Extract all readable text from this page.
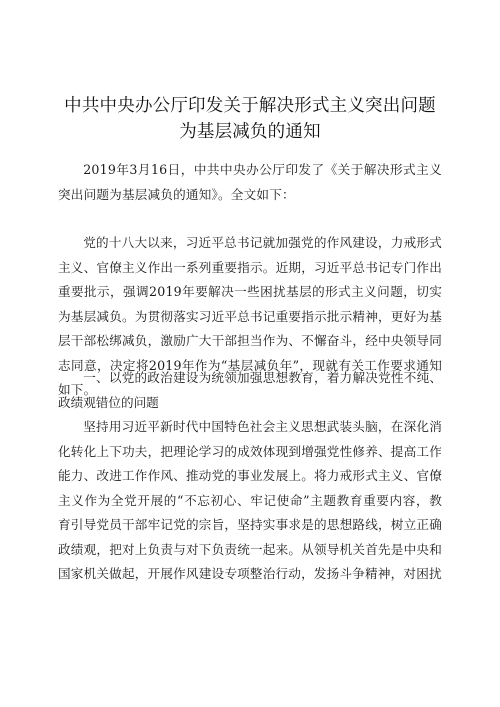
中共中央办公厅印发关于解决形式主义突出问题
为基层减负的通知

2019年3月16日，中共中央办公厅印发了《关于解决形式主义突出问题为基层减负的通知》。全文如下：

党的十八大以来，习近平总书记就加强党的作风建设，力戒形式主义、官僚主义作出一系列重要指示。近期，习近平总书记专门作出重要批示，强调2019年要解决一些困扰基层的形式主义问题，切实为基层减负。为贯彻落实习近平总书记重要指示批示精神，更好为基层干部松绑减负，激励广大干部担当作为、不懈奋斗，经中央领导同志同意，决定将2019年作为“基层减负年”，现就有关工作要求通知如下。

一、以党的政治建设为统领加强思想教育，着力解决党性不纯、政绩观错位的问题

坚持用习近平新时代中国特色社会主义思想武装头脑，在深化消化转化上下功夫，把理论学习的成效体现到增强党性修养、提高工作能力、改进工作作风、推动党的事业发展上。将力戒形式主义、官僚主义作为全党开展的“不忘初心、牢记使命”主题教育重要内容，教育引导党员干部牢记党的宗旨，坚持实事求是的思想路线，树立正确政绩观，把对上负责与对下负责统一起来。从领导机关首先是中央和国家机关做起，开展作风建设专项整治行动，发扬斗争精神，对困扰
